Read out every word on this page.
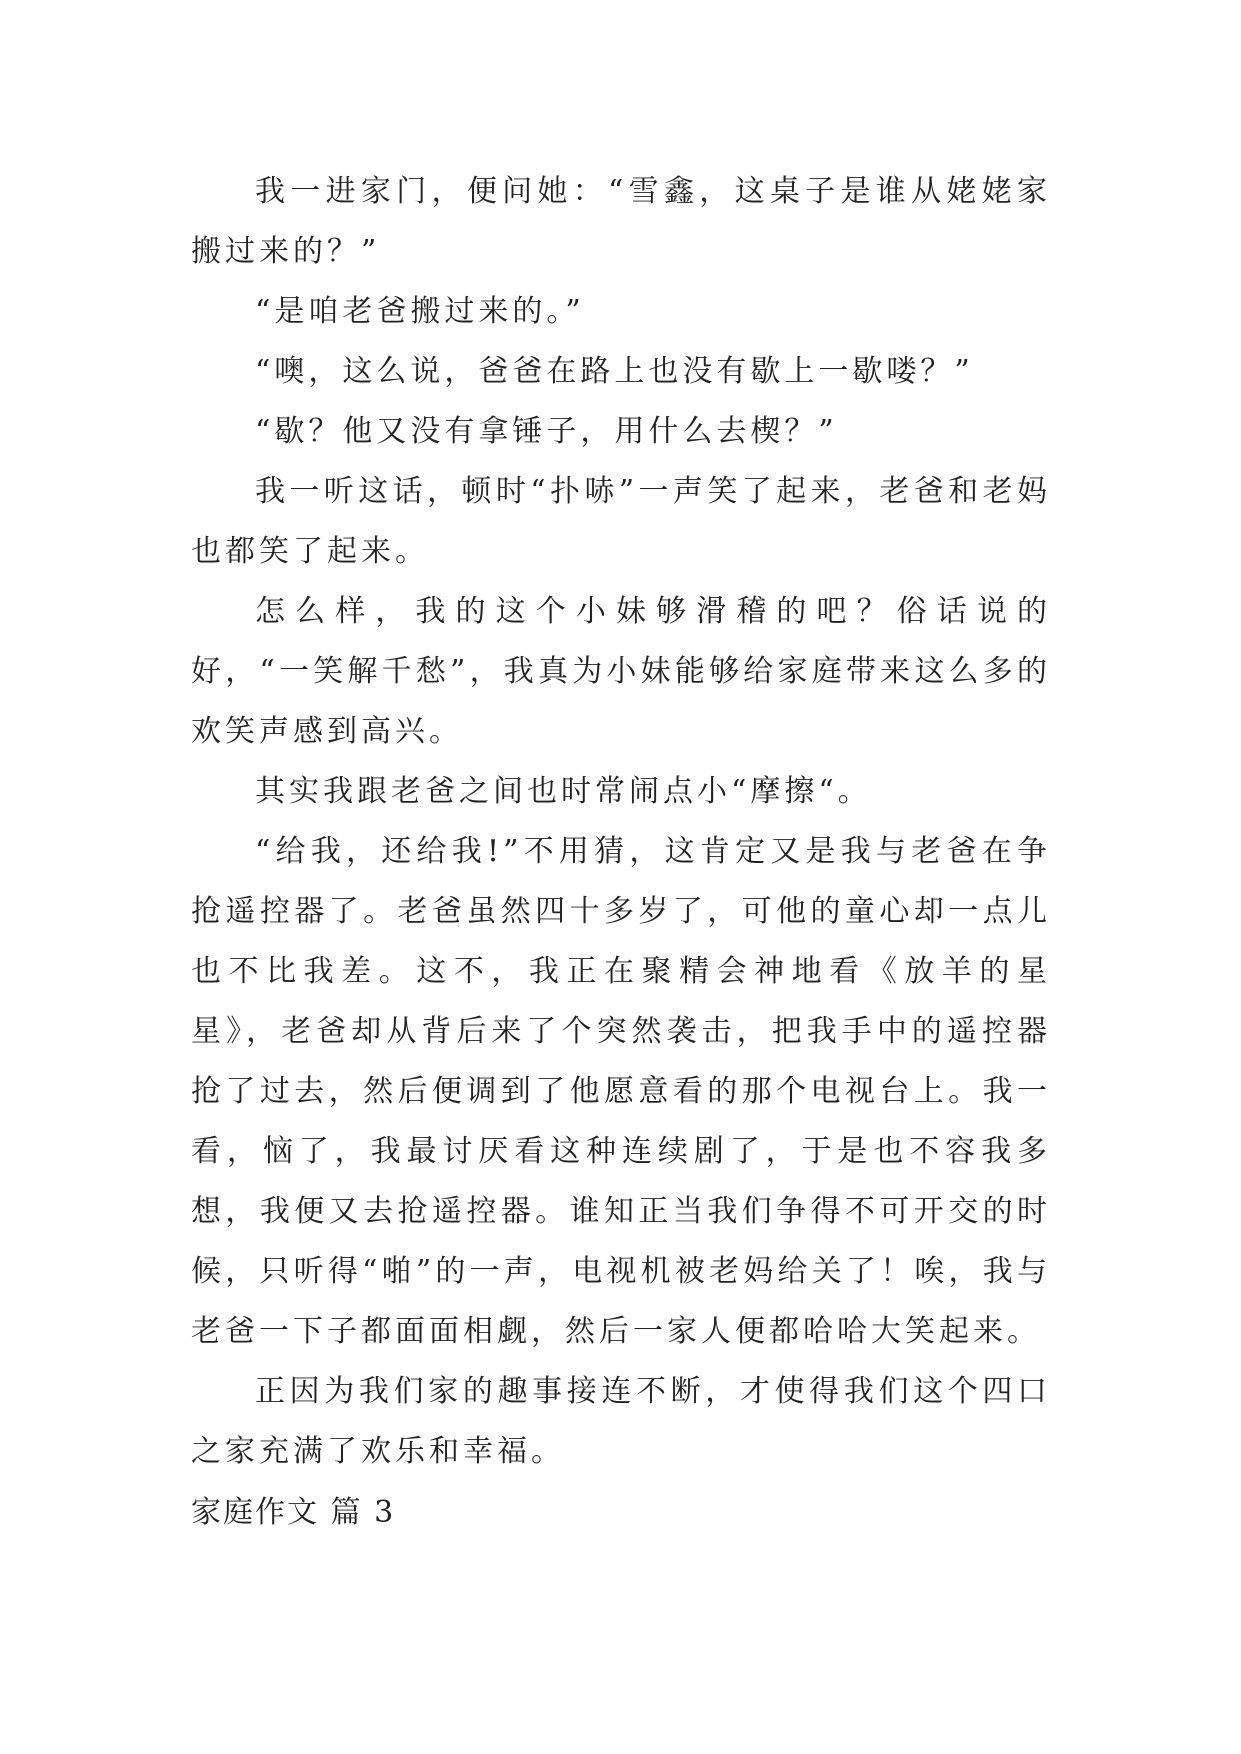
我一进家门，便问她：“雪鑫，这桌子是谁从姥姥家搬过来的？”

“是咱老爸搬过来的。”

“噢，这么说，爸爸在路上也没有歇上一歇喽？”

“歇？他又没有拿锤子，用什么去楔？”

我一听这话，顿时“扑哧”一声笑了起来，老爸和老妈也都笑了起来。

怎么样，我的这个小妹够滑稽的吧？俗话说的好，“一笑解千愁”，我真为小妹能够给家庭带来这么多的欢笑声感到高兴。

其实我跟老爸之间也时常闹点小“摩擦“。

“给我，还给我!”不用猜，这肯定又是我与老爸在争抢遥控器了。老爸虽然四十多岁了，可他的童心却一点儿也不比我差。这不，我正在聚精会神地看《放羊的星星》，老爸却从背后来了个突然袭击，把我手中的遥控器抢了过去，然后便调到了他愿意看的那个电视台上。我一看，恼了，我最讨厌看这种连续剧了，于是也不容我多想，我便又去抢遥控器。谁知正当我们争得不可开交的时候，只听得“啪”的一声，电视机被老妈给关了！唉，我与老爸一下子都面面相觑，然后一家人便都哈哈大笑起来。

正因为我们家的趣事接连不断，才使得我们这个四口之家充满了欢乐和幸福。

家庭作文 篇 3
